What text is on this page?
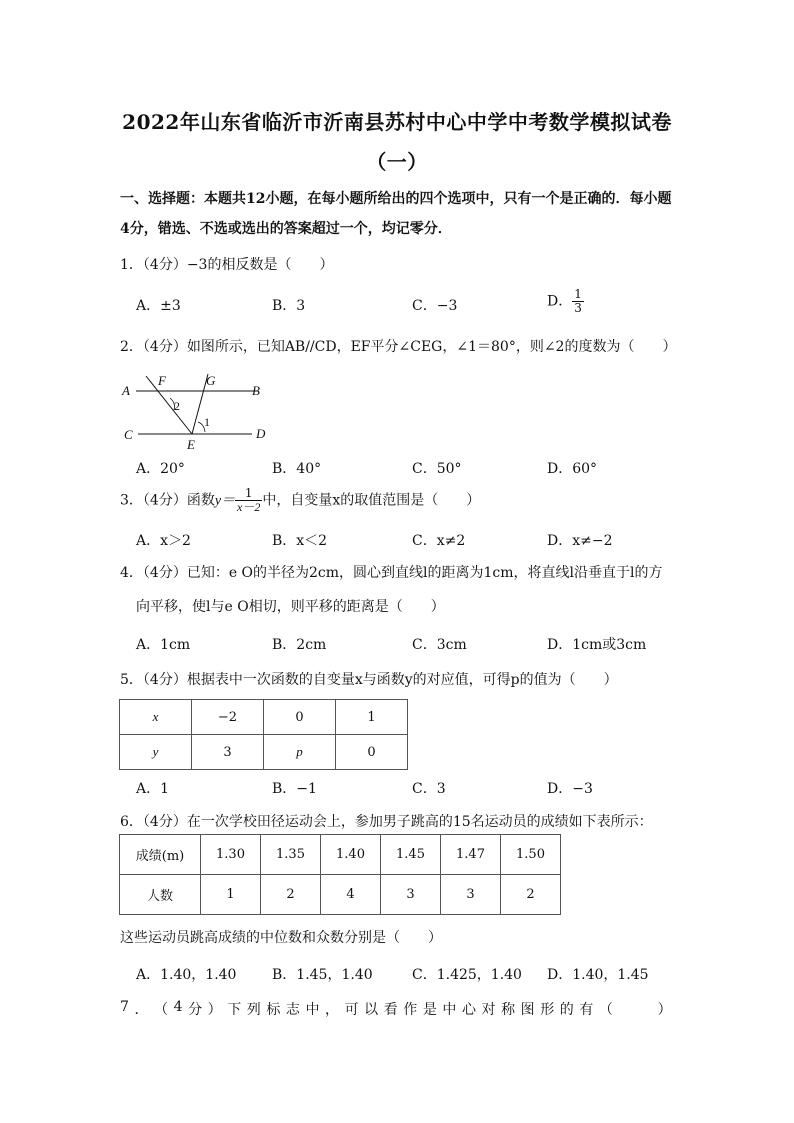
2022年山东省临沂市沂南县苏村中心中学中考数学模拟试卷
（一）
一、选择题：本题共12小题，在每小题所给出的四个选项中，只有一个是正确的．每小题
4分，错选、不选或选出的答案超过一个，均记零分．
1．（4分）−3的相反数是（　　）
A．±3	B．3	C．−3	D． $\frac{1}{3}$
2．（4分）如图所示，已知AB//CD，EF平分∠CEG，∠1＝80°，则∠2的度数为（　　）
A	B
C	D
E
F	G
1
2
A．20°	B．40°	C．50°	D．60°
3．（4分）函数$y= \frac{1}{x-2}$ 中，自变量x的取值范围是（　　）
A．x＞2	B．x＜2	C．x≠2	D．x≠−2
4．（4分）已知：e O的半径为2cm，圆心到直线l的距离为1cm，将直线l沿垂直于l的方
向平移，使l与e O相切，则平移的距离是（　　）
A．1cm	B．2cm	C．3cm	D．1cm或3cm
5．（4分）根据表中一次函数的自变量x与函数y的对应值，可得p的值为（　　）
x	−2	0	1
y	3	p	0
A．1	B．−1	C．3	D．−3
6．（4分）在一次学校田径运动会上，参加男子跳高的15名运动员的成绩如下表所示：
成绩(m)	1.30	1.35	1.40	1.45	1.47	1.50
人数	1	2	4	3	3	2
这些运动员跳高成绩的中位数和众数分别是（　　）
A．1.40，1.40	B．1.45，1.40	C．1.425，1.40 D．1.40，1.45
7 ． （ 4 分 ） 下 列 标 志 中 ， 可 以 看 作 是 中 心 对 称 图 形 的 有 （

　	）
